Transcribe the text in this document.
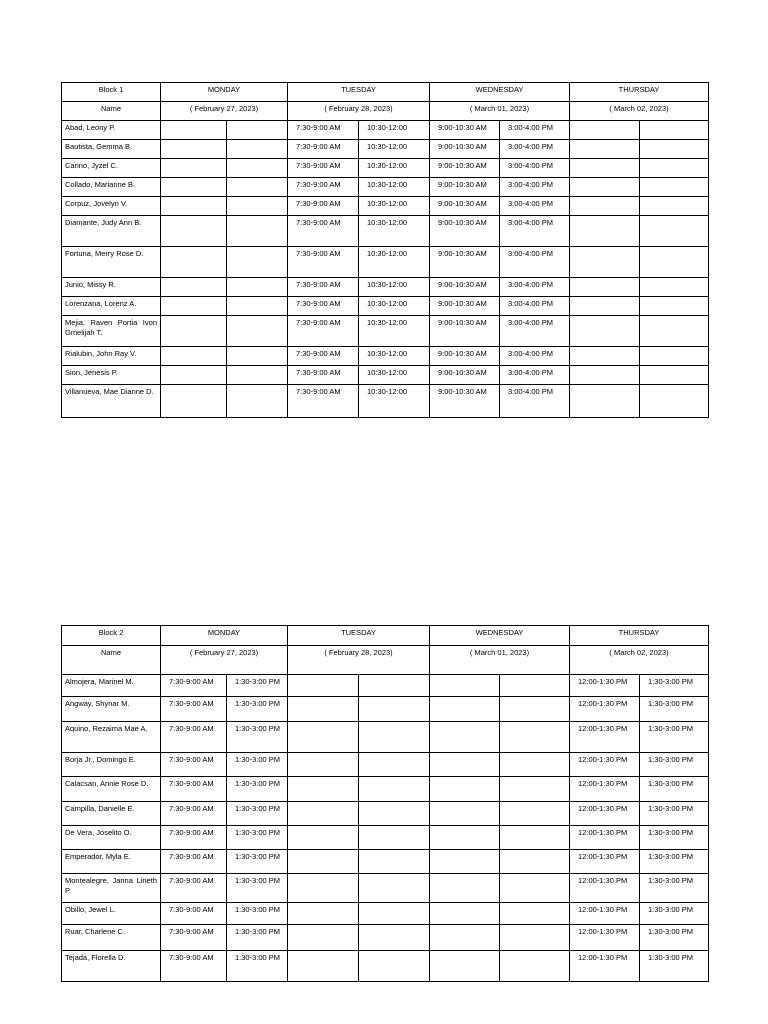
Block 1	MONDAY		TUESDAY		WEDNESDAY		THURSDAY	
Name	( February 27, 2023)		( February 28, 2023)		( March 01, 2023)		( March 02, 2023)	
Abad, Leony P.			7:30-9:00 AM	10:30-12:00	9:00-10:30 AM	3:00-4:00 PM		
Bautista, Gemma B.			7:30-9:00 AM	10:30-12:00	9:00-10:30 AM	3:00-4:00 PM		
Carino, Jyzel C.			7:30-9:00 AM	10:30-12:00	9:00-10:30 AM	3:00-4:00 PM		
Collado, Marianne B.			7:30-9:00 AM	10:30-12:00	9:00-10:30 AM	3:00-4:00 PM		
Corpuz, Jovelyn V.			7:30-9:00 AM	10:30-12:00	9:00-10:30 AM	3:00-4:00 PM		
Diamante, Judy Ann B.			7:30-9:00 AM	10:30-12:00	9:00-10:30 AM	3:00-4:00 PM		
Fortuna, Merry Rose D.			7:30-9:00 AM	10:30-12:00	9:00-10:30 AM	3:00-4:00 PM		
Junio, Missy R.			7:30-9:00 AM	10:30-12:00	9:00-10:30 AM	3:00-4:00 PM		
Lorenzana, Lorenz A.			7:30-9:00 AM	10:30-12:00	9:00-10:30 AM	3:00-4:00 PM		
Mejia, Raven Portia Ivon Gmelijah T.			7:30-9:00 AM	10:30-12:00	9:00-10:30 AM	3:00-4:00 PM		
Rialubin, John Ray V.			7:30-9:00 AM	10:30-12:00	9:00-10:30 AM	3:00-4:00 PM		
Sion, Jenesis P.			7:30-9:00 AM	10:30-12:00	9:00-10:30 AM	3:00-4:00 PM		
Villanueva, Mae Dianne D.			7:30-9:00 AM	10:30-12:00	9:00-10:30 AM	3:00-4:00 PM		
Block 2	MONDAY		TUESDAY		WEDNESDAY		THURSDAY	
Name	( February 27, 2023)		( February 28, 2023)		( March 01, 2023)		( March 02, 2023)	
Almojera, Marinel M.	7:30-9:00 AM	1:30-3:00 PM					12:00-1:30 PM	1:30-3:00 PM
Angway, Shynar M.	7:30-9:00 AM	1:30-3:00 PM					12:00-1:30 PM	1:30-3:00 PM
Aquino, Rezaima Mae A.	7:30-9:00 AM	1:30-3:00 PM					12:00-1:30 PM	1:30-3:00 PM
Borja Jr., Domingo E.	7:30-9:00 AM	1:30-3:00 PM					12:00-1:30 PM	1:30-3:00 PM
Calacsan, Annie Rose D.	7:30-9:00 AM	1:30-3:00 PM					12:00-1:30 PM	1:30-3:00 PM
Campilla, Danielle E.	7:30-9:00 AM	1:30-3:00 PM					12:00-1:30 PM	1:30-3:00 PM
De Vera, Joselito O.	7:30-9:00 AM	1:30-3:00 PM					12:00-1:30 PM	1:30-3:00 PM
Emperador, Myla E.	7:30-9:00 AM	1:30-3:00 PM					12:00-1:30 PM	1:30-3:00 PM
Montealegre, Janna Lineth P.	7:30-9:00 AM	1:30-3:00 PM					12:00-1:30 PM	1:30-3:00 PM
Obillo, Jewel L.	7:30-9:00 AM	1:30-3:00 PM					12:00-1:30 PM	1:30-3:00 PM
Ruar, Charlene C.	7:30-9:00 AM	1:30-3:00 PM					12:00-1:30 PM	1:30-3:00 PM
Tejada, Florella D.	7:30-9:00 AM	1:30-3:00 PM					12:00-1:30 PM	1:30-3:00 PM
